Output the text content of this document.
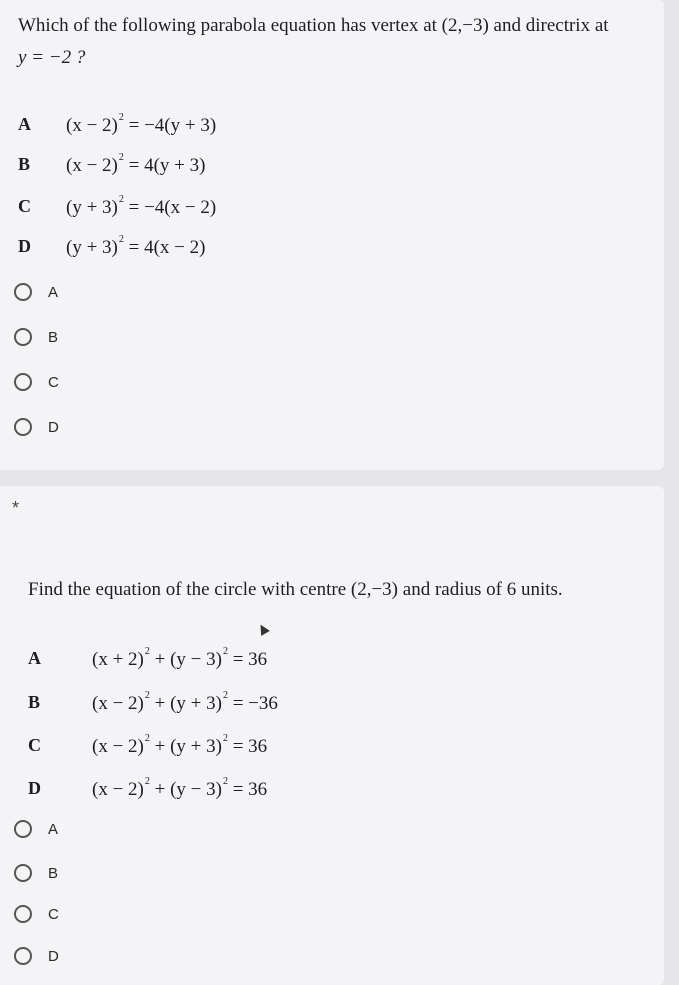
Which of the following parabola equation has vertex at (2,−3) and directrix at
y = −2 ?
A	$(x - 2)^2 = -4(y + 3)$
B	$(x - 2)^2 = 4(y + 3)$
C	$(y + 3)^2 = -4(x - 2)$
D	$(y + 3)^2 = 4(x - 2)$
A
B
C
D
*
Find the equation of the circle with centre (2,−3) and radius of 6 units.
A	$(x + 2)^2 + (y - 3)^2 = 36$
B	$(x - 2)^2 + (y + 3)^2 = -36$
C	$(x - 2)^2 + (y + 3)^2 = 36$
D	$(x - 2)^2 + (y - 3)^2 = 36$
A
B
C
D
